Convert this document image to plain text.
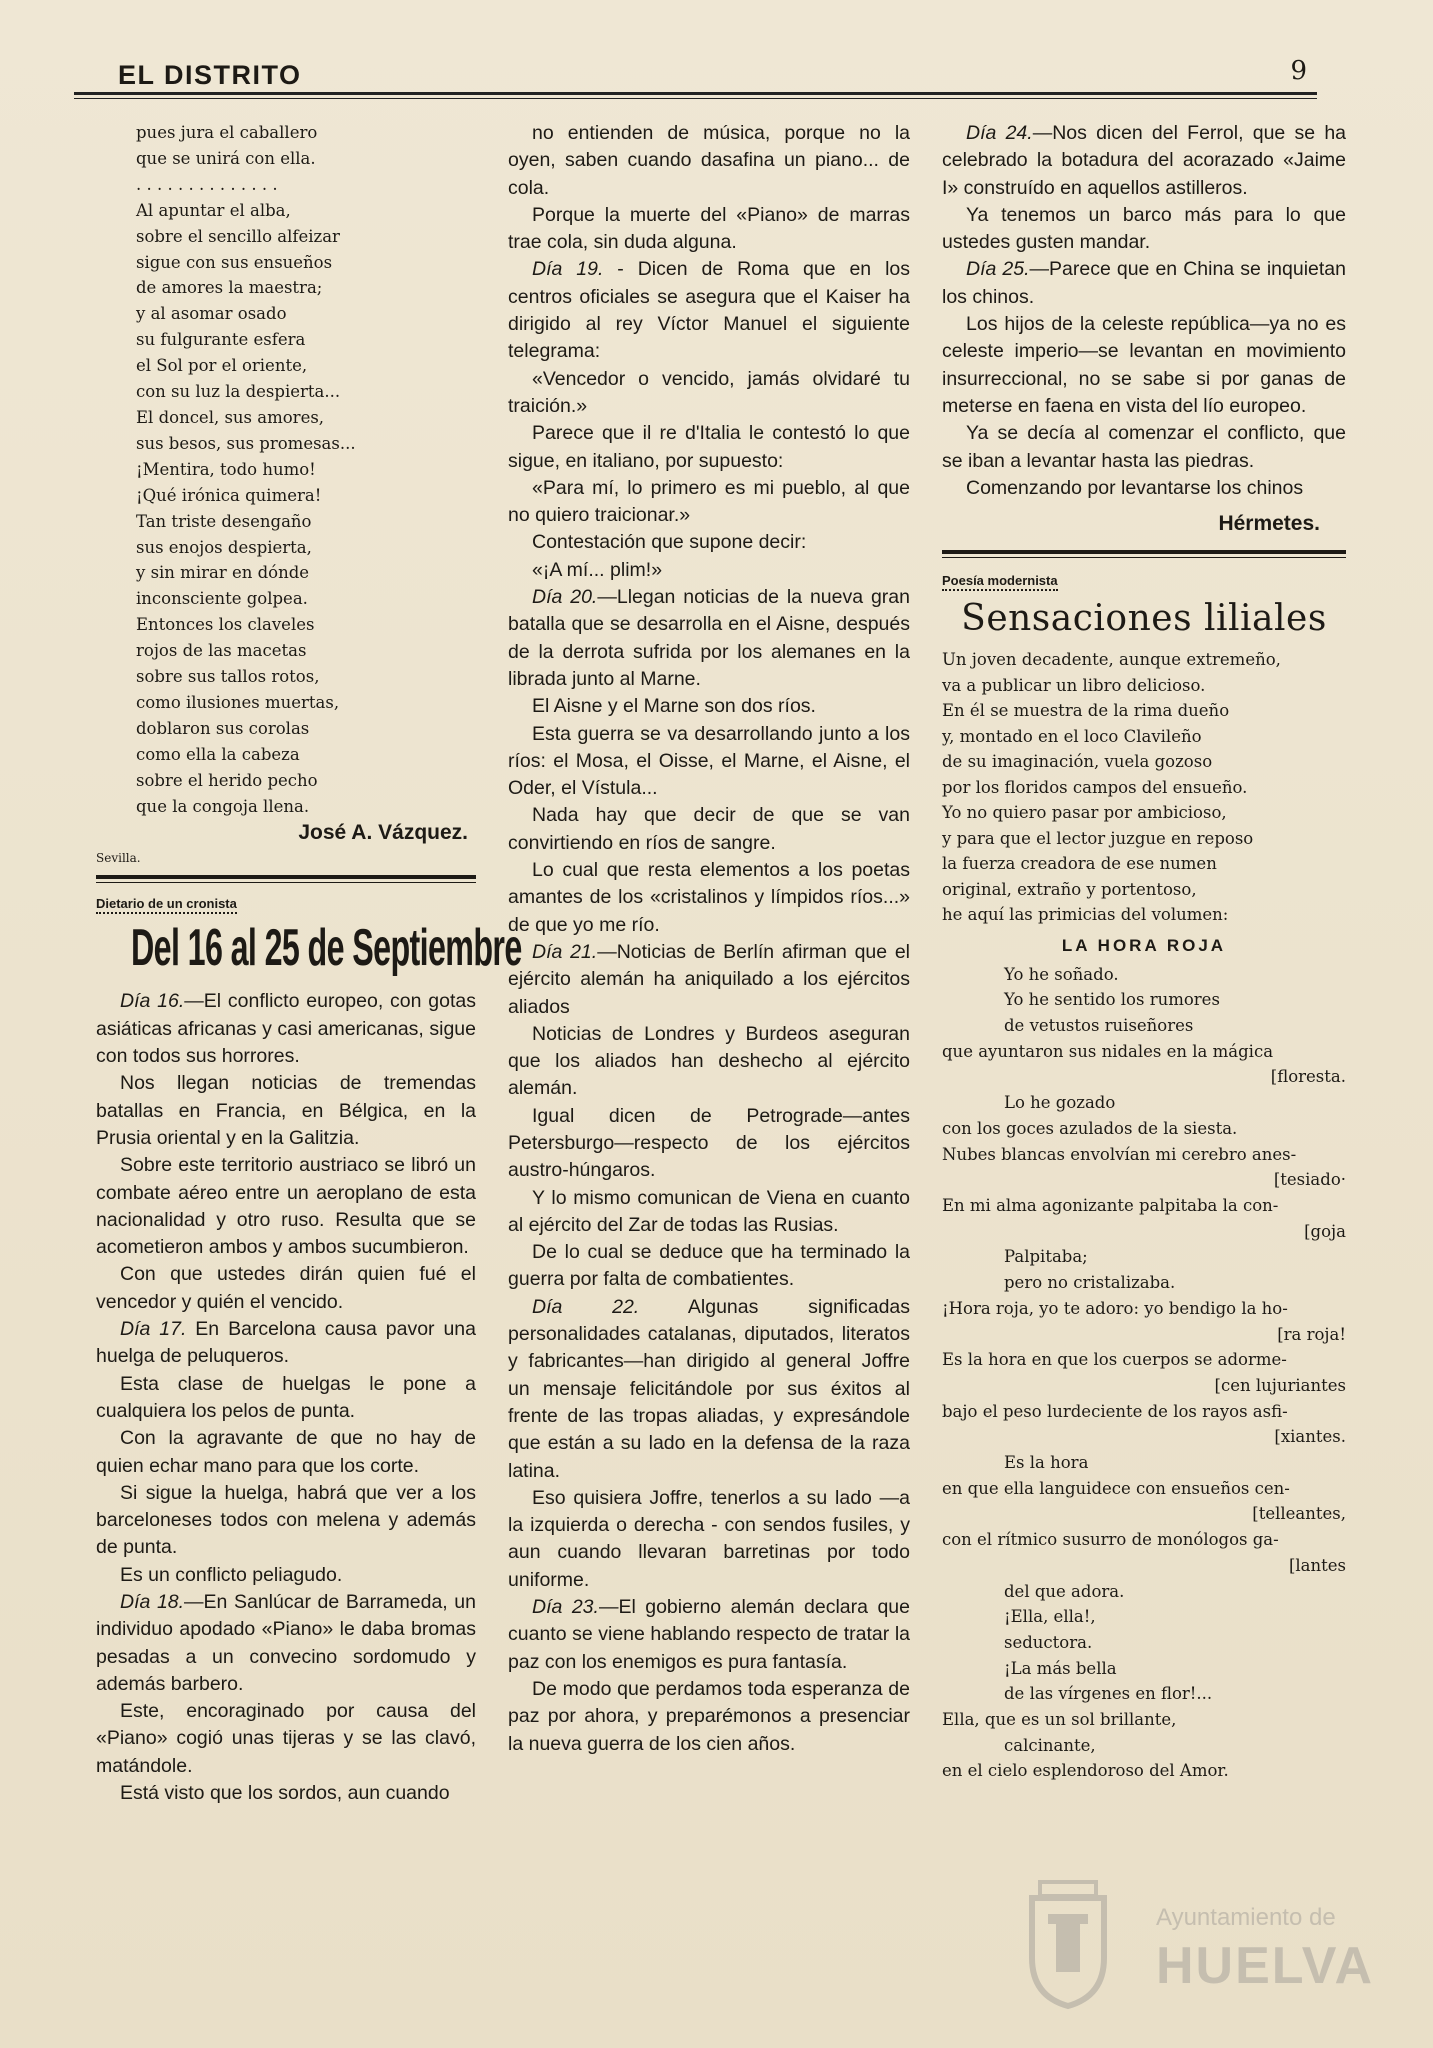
EL DISTRITO	9
pues jura el caballero
que se unirá con ella.
. . . . . . . . . . . . . .
Al apuntar el alba,
sobre el sencillo alfeizar
sigue con sus ensueños
de amores la maestra;
y al asomar osado
su fulgurante esfera
el Sol por el oriente,
con su luz la despierta...
El doncel, sus amores,
sus besos, sus promesas...
¡Mentira, todo humo!
¡Qué irónica quimera!
Tan triste desengaño
sus enojos despierta,
y sin mirar en dónde
inconsciente golpea.
Entonces los claveles
rojos de las macetas
sobre sus tallos rotos,
como ilusiones muertas,
doblaron sus corolas
como ella la cabeza
sobre el herido pecho
que la congoja llena.

José A. Vázquez.

Sevilla.

Dietario de un cronista
Del 16 al 25 de Septiembre

Día 16.—El conflicto europeo, con gotas asiáticas africanas y casi americanas, sigue con todos sus horrores.

Nos llegan noticias de tremendas batallas en Francia, en Bélgica, en la Prusia oriental y en la Galitzia.

Sobre este territorio austriaco se libró un combate aéreo entre un aeroplano de esta nacionalidad y otro ruso. Resulta que se acometieron ambos y ambos sucumbieron.

Con que ustedes dirán quien fué el vencedor y quién el vencido.

Día 17. En Barcelona causa pavor una huelga de peluqueros.

Esta clase de huelgas le pone a cualquiera los pelos de punta.

Con la agravante de que no hay de quien echar mano para que los corte.

Si sigue la huelga, habrá que ver a los barceloneses todos con melena y además de punta.

Es un conflicto peliagudo.

Día 18.—En Sanlúcar de Barrameda, un individuo apodado «Piano» le daba bromas pesadas a un convecino sordomudo y además barbero.

Este, encoraginado por causa del «Piano» cogió unas tijeras y se las clavó, matándole.

Está visto que los sordos, aun cuando

no entienden de música, porque no la oyen, saben cuando dasafina un piano... de cola.

Porque la muerte del «Piano» de marras trae cola, sin duda alguna.

Día 19. - Dicen de Roma que en los centros oficiales se asegura que el Kaiser ha dirigido al rey Víctor Manuel el siguiente telegrama:

«Vencedor o vencido, jamás olvidaré tu traición.»

Parece que il re d'Italia le contestó lo que sigue, en italiano, por supuesto:

«Para mí, lo primero es mi pueblo, al que no quiero traicionar.»

Contestación que supone decir:

«¡A mí... plim!»

Día 20.—Llegan noticias de la nueva gran batalla que se desarrolla en el Aisne, después de la derrota sufrida por los alemanes en la librada junto al Marne.

El Aisne y el Marne son dos ríos.

Esta guerra se va desarrollando junto a los ríos: el Mosa, el Oisse, el Marne, el Aisne, el Oder, el Vístula...

Nada hay que decir de que se van convirtiendo en ríos de sangre.

Lo cual que resta elementos a los poetas amantes de los «cristalinos y límpidos ríos...» de que yo me río.

Día 21.—Noticias de Berlín afirman que el ejército alemán ha aniquilado a los ejércitos aliados

Noticias de Londres y Burdeos aseguran que los aliados han deshecho al ejército alemán.

Igual dicen de Petrograde—antes Petersburgo—respecto de los ejércitos austro-húngaros.

Y lo mismo comunican de Viena en cuanto al ejército del Zar de todas las Rusias.

De lo cual se deduce que ha terminado la guerra por falta de combatientes.

Día 22. Algunas significadas personalidades catalanas, diputados, literatos y fabricantes—han dirigido al general Joffre un mensaje felicitándole por sus éxitos al frente de las tropas aliadas, y expresándole que están a su lado en la defensa de la raza latina.

Eso quisiera Joffre, tenerlos a su lado —a la izquierda o derecha - con sendos fusiles, y aun cuando llevaran barretinas por todo uniforme.

Día 23.—El gobierno alemán declara que cuanto se viene hablando respecto de tratar la paz con los enemigos es pura fantasía.

De modo que perdamos toda esperanza de paz por ahora, y preparémonos a presenciar la nueva guerra de los cien años.

Día 24.—Nos dicen del Ferrol, que se ha celebrado la botadura del acorazado «Jaime I» construído en aquellos astilleros.

Ya tenemos un barco más para lo que ustedes gusten mandar.

Día 25.—Parece que en China se inquietan los chinos.

Los hijos de la celeste república—ya no es celeste imperio—se levantan en movimiento insurreccional, no se sabe si por ganas de meterse en faena en vista del lío europeo.

Ya se decía al comenzar el conflicto, que se iban a levantar hasta las piedras.

Comenzando por levantarse los chinos

Hérmetes.

Poesía modernista
Sensaciones liliales
Un joven decadente, aunque extremeño,
va a publicar un libro delicioso.
En él se muestra de la rima dueño
y, montado en el loco Clavileño
de su imaginación, vuela gozoso
por los floridos campos del ensueño.
Yo no quiero pasar por ambicioso,
y para que el lector juzgue en reposo
la fuerza creadora de ese numen
original, extraño y portentoso,
he aquí las primicias del volumen:
LA HORA ROJA
Yo he soñado.
Yo he sentido los rumores
de vetustos ruiseñores
que ayuntaron sus nidales en la mágica
[floresta.
Lo he gozado
con los goces azulados de la siesta.
Nubes blancas envolvían mi cerebro anes-
[tesiado·
En mi alma agonizante palpitaba la con-
[goja
Palpitaba;
pero no cristalizaba.
¡Hora roja, yo te adoro: yo bendigo la ho-
[ra roja!
Es la hora en que los cuerpos se adorme-
[cen lujuriantes
bajo el peso lurdeciente de los rayos asfi-
[xiantes.
Es la hora
en que ella languidece con ensueños cen-
[telleantes,
con el rítmico susurro de monólogos ga-
[lantes
del que adora.
¡Ella, ella!,
seductora.
¡La más bella
de las vírgenes en flor!...
Ella, que es un sol brillante,
calcinante,
en el cielo esplendoroso del Amor.
Ayuntamiento de
HUELVA
